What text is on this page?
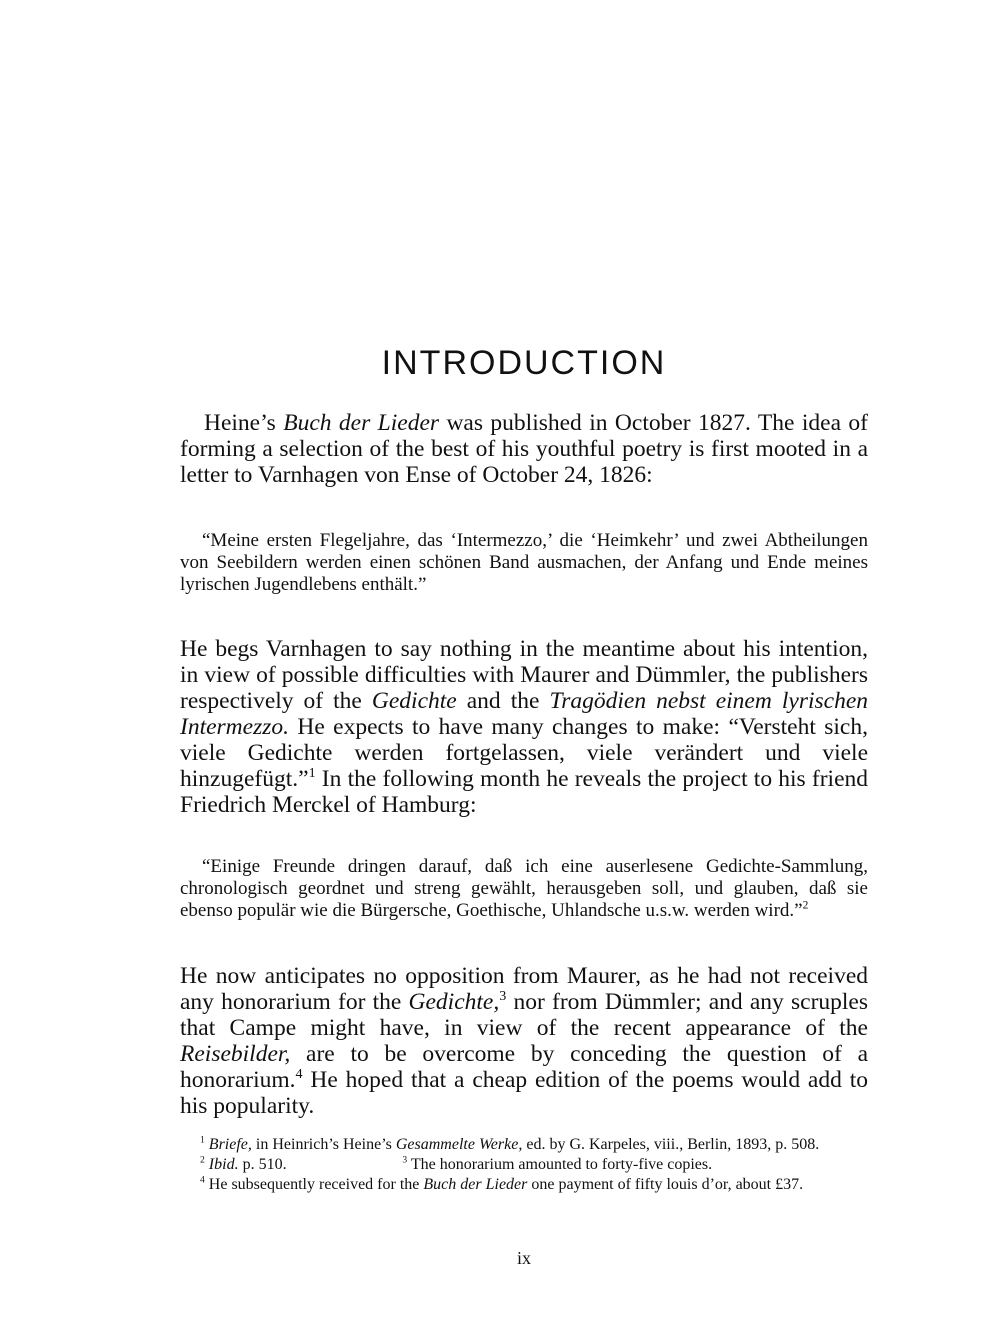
INTRODUCTION

Heine’s Buch der Lieder was published in October 1827. The idea of forming a selection of the best of his youthful poetry is first mooted in a letter to Varnhagen von Ense of October 24, 1826:

“Meine ersten Flegeljahre, das ‘Intermezzo,’ die ‘Heimkehr’ und zwei Abtheilungen von Seebildern werden einen schönen Band ausmachen, der Anfang und Ende meines lyrischen Jugendlebens enthält.”

He begs Varnhagen to say nothing in the meantime about his intention, in view of possible difficulties with Maurer and Dümmler, the publishers respectively of the Gedichte and the Tragödien nebst einem lyrischen Intermezzo. He expects to have many changes to make: “Versteht sich, viele Gedichte werden fortgelassen, viele verändert und viele hinzugefügt.”$^1$ In the following month he reveals the project to his friend Friedrich Merckel of Hamburg:

“Einige Freunde dringen darauf, daß ich eine auserlesene Gedichte-Sammlung, chronologisch geordnet und streng gewählt, herausgeben soll, und glauben, daß sie ebenso populär wie die Bürgersche, Goethische, Uhlandsche u.s.w. werden wird.”$^2$

He now anticipates no opposition from Maurer, as he had not received any honorarium for the Gedichte,$^3$ nor from Dümmler; and any scruples that Campe might have, in view of the recent appearance of the Reisebilder, are to be overcome by conceding the question of a honorarium.$^4$ He hoped that a cheap edition of the poems would add to his popularity.

$^1$ Briefe, in Heinrich’s Heine’s Gesammelte Werke, ed. by G. Karpeles, viii., Berlin, 1893, p. 508.

$^2$ Ibid. p. 510.	$^3$ The honorarium amounted to forty-five copies.

$^4$ He subsequently received for the Buch der Lieder one payment of fifty louis d’or, about £37.

ix
